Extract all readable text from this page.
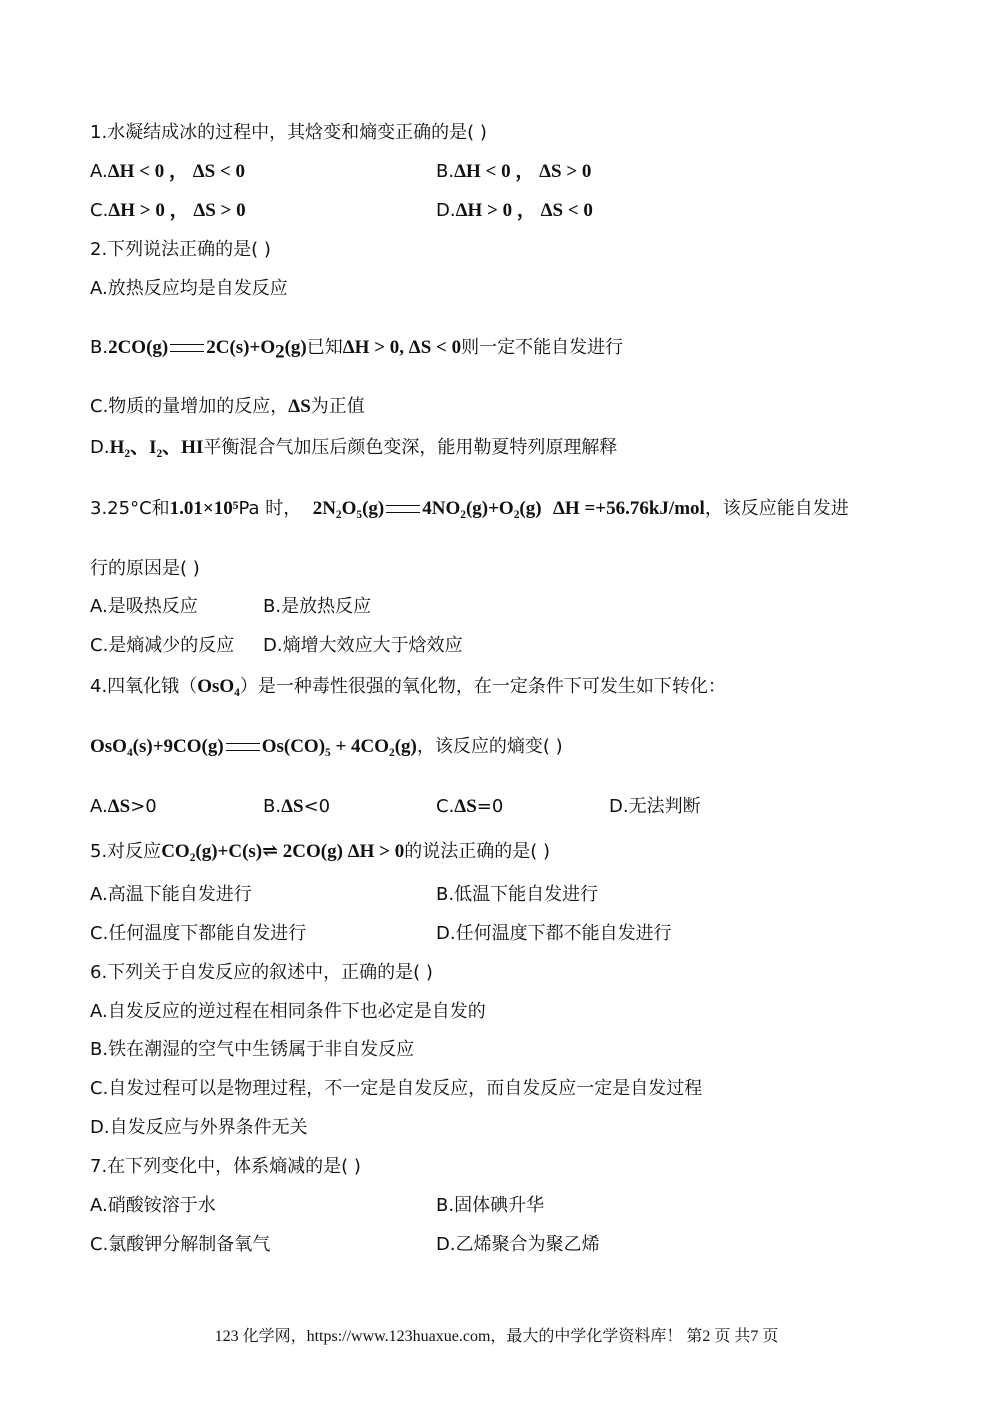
1.水凝结成冰的过程中，其焓变和熵变正确的是( )
A.ΔH < 0 ， ΔS < 0	B.ΔH < 0 ， ΔS > 0
C.ΔH > 0 ， ΔS > 0	D.ΔH > 0 ， ΔS < 0
2.下列说法正确的是( )
A.放热反应均是自发反应
B.2CO(g) $2C(s)+O_2(g)$已知ΔH > 0, ΔS < 0则一定不能自发进行
C.物质的量增加的反应，ΔS为正值
D.H₂、I₂、HI平衡混合气加压后颜色变深，能用勒夏特列原理解释
3.25°C和1.01×10⁵Pa 时， 2N₂O₅(g) 4NO₂(g)+O₂(g) ΔH =+56.76kJ/mol，该反应能自发进
行的原因是( )
A.是吸热反应	B.是放热反应
C.是熵减少的反应 D.熵增大效应大于焓效应
4.四氧化锇（OsO₄）是一种毒性很强的氧化物，在一定条件下可发生如下转化：
OsO₄(s)+9CO(g) Os(CO)₅ + 4CO₂(g)，该反应的熵变( )
A.ΔS>0	B.ΔS<0	C.ΔS=0	D.无法判断
5.对反应CO₂(g)+C(s)⇌ 2CO(g) ΔH > 0的说法正确的是( )
A.高温下能自发进行	B.低温下能自发进行
C.任何温度下都能自发进行	D.任何温度下都不能自发进行
6.下列关于自发反应的叙述中，正确的是( )
A.自发反应的逆过程在相同条件下也必定是自发的
B.铁在潮湿的空气中生锈属于非自发反应
C.自发过程可以是物理过程，不一定是自发反应，而自发反应一定是自发过程
D.自发反应与外界条件无关
7.在下列变化中，体系熵减的是( )
A.硝酸铵溶于水	B.固体碘升华
C.氯酸钾分解制备氧气	D.乙烯聚合为聚乙烯
123 化学网，https://www.123huaxue.com，最大的中学化学资料库！ 第2 页 共7 页
